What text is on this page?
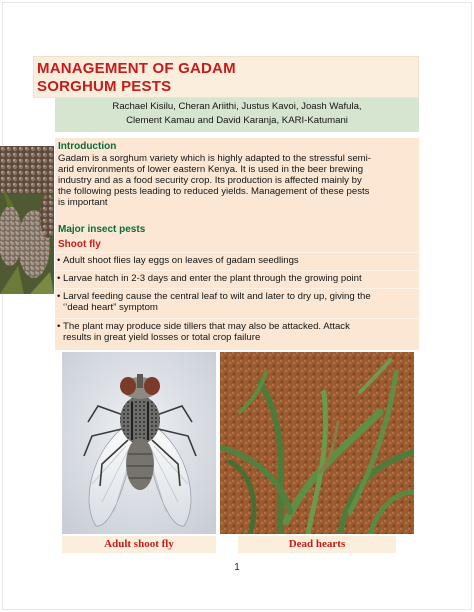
MANAGEMENT OF GADAM
SORGHUM PESTS
Rachael Kisilu, Cheran Ariithi, Justus Kavoi, Joash Wafula,
Clement Kamau and David Karanja, KARI-Katumani
Introduction
Gadam is a sorghum variety which is highly adapted to the stressful semi-
arid environments of lower eastern Kenya. It is used in the beer brewing
industry and as a food security crop. Its production is affected mainly by
the following pests leading to reduced yields. Management of these pests
is important
Major insect pests
Shoot fly
• Adult shoot flies lay eggs on leaves of gadam seedlings
• Larvae hatch in 2-3 days and enter the plant through the growing point
• Larval feeding cause the central leaf to wilt and later to dry up, giving the
‘’dead heart” symptom
• The plant may produce side tillers that may also be attacked. Attack
results in great yield losses or total crop failure
Adult shoot fly	Dead hearts
1
